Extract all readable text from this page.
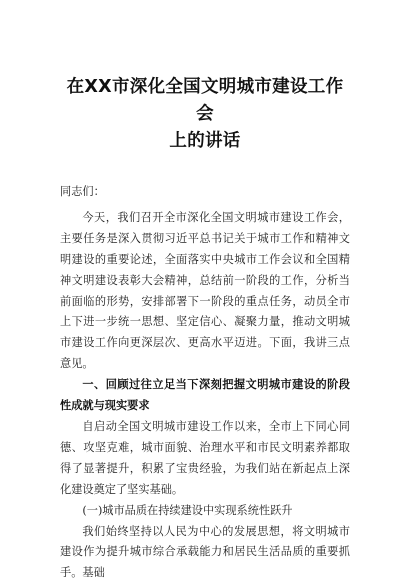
在XX市深化全国文明城市建设工作会

上的讲话

同志们：

今天，我们召开全市深化全国文明城市建设工作会，主要任务是深入贯彻习近平总书记关于城市工作和精神文明建设的重要论述，全面落实中央城市工作会议和全国精神文明建设表彰大会精神，总结前一阶段的工作，分析当前面临的形势，安排部署下一阶段的重点任务，动员全市上下进一步统一思想、坚定信心、凝聚力量，推动文明城市建设工作向更深层次、更高水平迈进。下面，我讲三点意见。

一、回顾过往立足当下深刻把握文明城市建设的阶段性成就与现实要求

自启动全国文明城市建设工作以来，全市上下同心同德、攻坚克难，城市面貌、治理水平和市民文明素养都取得了显著提升，积累了宝贵经验，为我们站在新起点上深化建设奠定了坚实基础。

(一)城市品质在持续建设中实现系统性跃升

我们始终坚持以人民为中心的发展思想，将文明城市建设作为提升城市综合承载能力和居民生活品质的重要抓手。基础
